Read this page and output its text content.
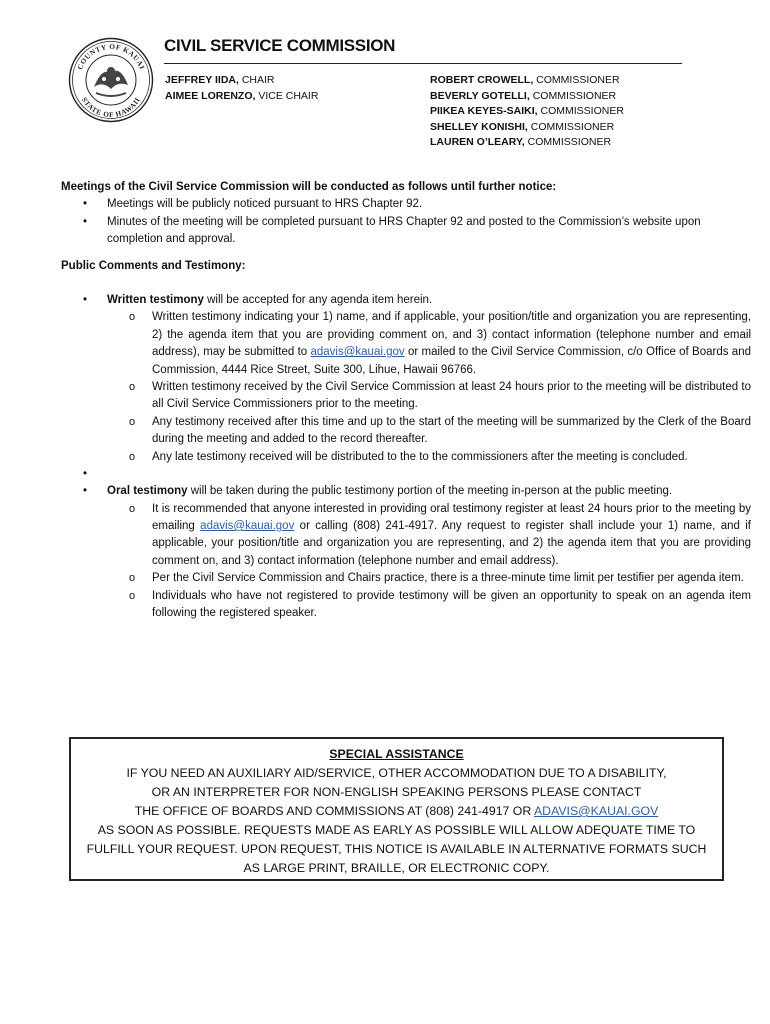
COUNTY OF KAUAI
STATE OF HAWAII
CIVIL SERVICE COMMISSION
JEFFREY IIDA, CHAIR
AIMEE LORENZO, VICE CHAIR
ROBERT CROWELL, COMMISSIONER
BEVERLY GOTELLI, COMMISSIONER
PIIKEA KEYES-SAIKI, COMMISSIONER
SHELLEY KONISHI, COMMISSIONER
LAUREN O’LEARY, COMMISSIONER
Meetings of the Civil Service Commission will be conducted as follows until further notice:
• Meetings will be publicly noticed pursuant to HRS Chapter 92.
• Minutes of the meeting will be completed pursuant to HRS Chapter 92 and posted to the Commission’s website upon completion and approval.
Public Comments and Testimony:
• Written testimony will be accepted for any agenda item herein.
o Written testimony indicating your 1) name, and if applicable, your position/title and organization you are representing, 2) the agenda item that you are providing comment on, and 3) contact information (telephone number and email address), may be submitted to adavis@kauai.gov or mailed to the Civil Service Commission, c/o Office of Boards and Commission, 4444 Rice Street, Suite 300, Lihue, Hawaii 96766.
o Written testimony received by the Civil Service Commission at least 24 hours prior to the meeting will be distributed to all Civil Service Commissioners prior to the meeting.
o Any testimony received after this time and up to the start of the meeting will be summarized by the Clerk of the Board during the meeting and added to the record thereafter.
o Any late testimony received will be distributed to the to the commissioners after the meeting is concluded.
•
• Oral testimony will be taken during the public testimony portion of the meeting in-person at the public meeting.
o It is recommended that anyone interested in providing oral testimony register at least 24 hours prior to the meeting by emailing adavis@kauai.gov or calling (808) 241-4917. Any request to register shall include your 1) name, and if applicable, your position/title and organization you are representing, and 2) the agenda item that you are providing comment on, and 3) contact information (telephone number and email address).
o Per the Civil Service Commission and Chairs practice, there is a three-minute time limit per testifier per agenda item.
o Individuals who have not registered to provide testimony will be given an opportunity to speak on an agenda item following the registered speaker.

SPECIAL ASSISTANCE

IF YOU NEED AN AUXILIARY AID/SERVICE, OTHER ACCOMMODATION DUE TO A DISABILITY,

OR AN INTERPRETER FOR NON-ENGLISH SPEAKING PERSONS PLEASE CONTACT

THE OFFICE OF BOARDS AND COMMISSIONS AT (808) 241-4917 OR ADAVIS@KAUAI.GOV

AS SOON AS POSSIBLE. REQUESTS MADE AS EARLY AS POSSIBLE WILL ALLOW ADEQUATE TIME TO

FULFILL YOUR REQUEST. UPON REQUEST, THIS NOTICE IS AVAILABLE IN ALTERNATIVE FORMATS SUCH

AS LARGE PRINT, BRAILLE, OR ELECTRONIC COPY.
